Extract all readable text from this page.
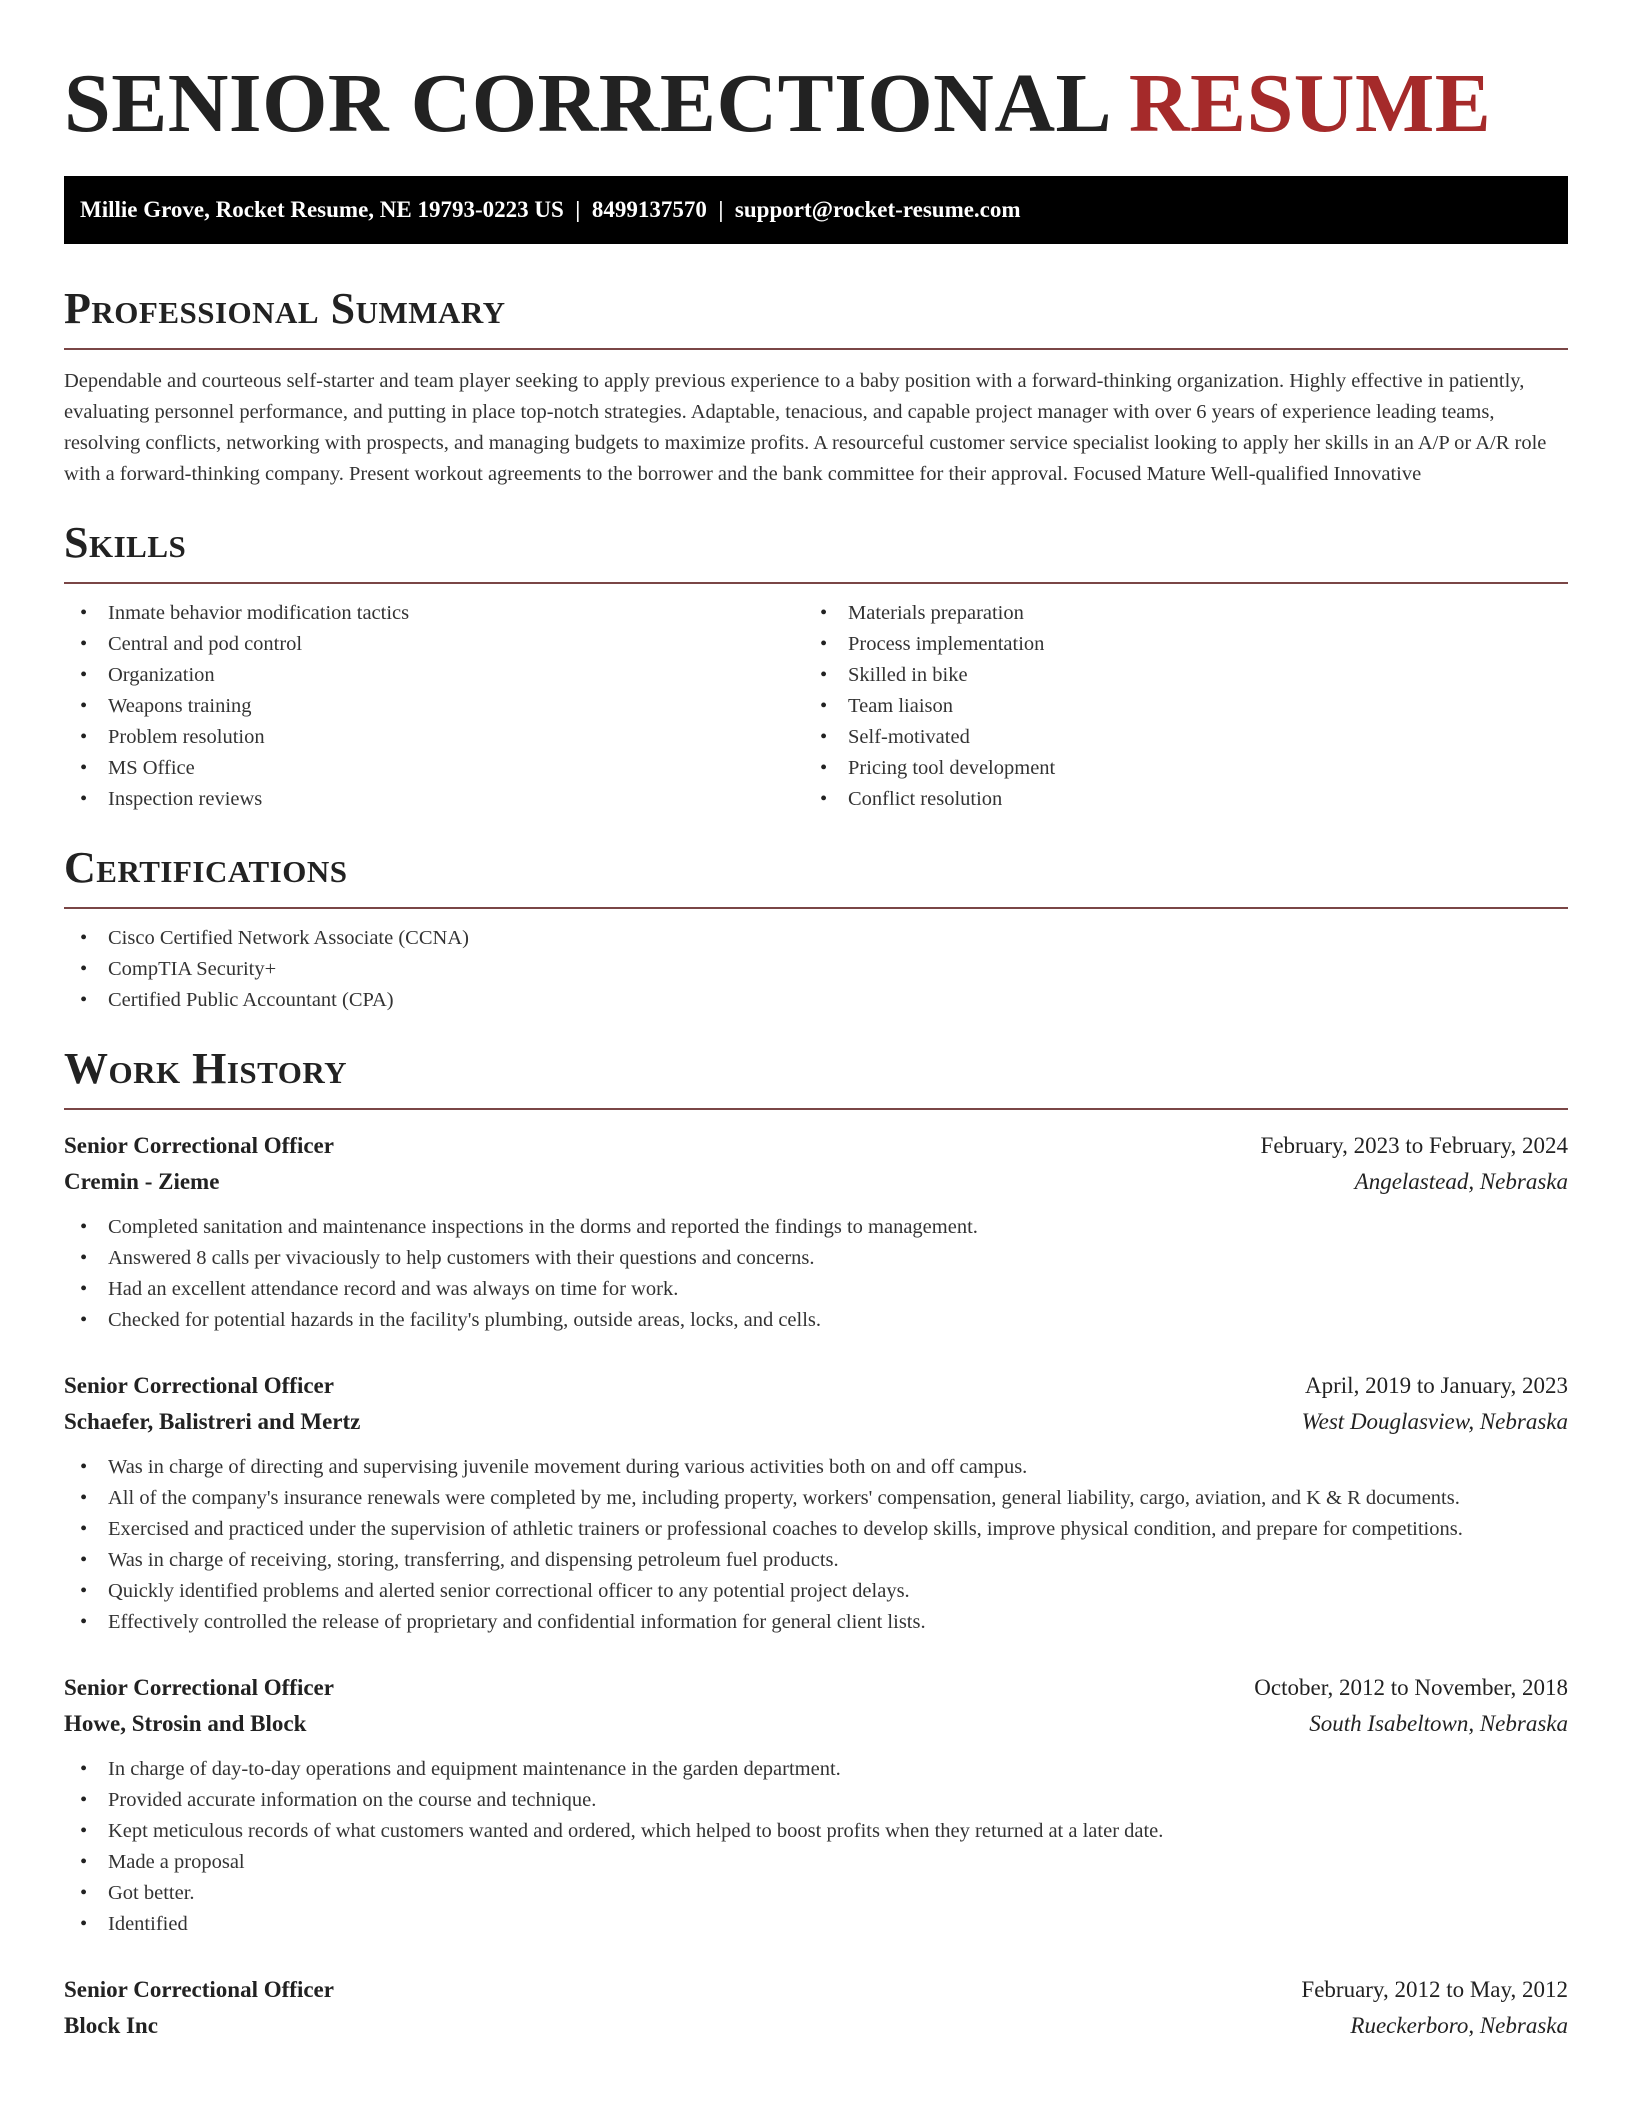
SENIOR CORRECTIONAL RESUME
Millie Grove, Rocket Resume, NE 19793-0223 US  |  8499137570  |  support@rocket-resume.com
Professional Summary

Dependable and courteous self-starter and team player seeking to apply previous experience to a baby position with a forward-thinking organization. Highly effective in patiently, evaluating personnel performance, and putting in place top-notch strategies. Adaptable, tenacious, and capable project manager with over 6 years of experience leading teams, resolving conflicts, networking with prospects, and managing budgets to maximize profits. A resourceful customer service specialist looking to apply her skills in an A/P or A/R role with a forward-thinking company. Present workout agreements to the borrower and the bank committee for their approval. Focused Mature Well-qualified Innovative

Skills
• Inmate behavior modification tactics
• Central and pod control
• Organization
• Weapons training
• Problem resolution
• MS Office
• Inspection reviews
• Materials preparation
• Process implementation
• Skilled in bike
• Team liaison
• Self-motivated
• Pricing tool development
• Conflict resolution
Certifications
• Cisco Certified Network Associate (CCNA)
• CompTIA Security+
• Certified Public Accountant (CPA)
Work History
Senior Correctional Officer	February, 2023 to February, 2024
Cremin - Zieme	Angelastead, Nebraska
• Completed sanitation and maintenance inspections in the dorms and reported the findings to management.
• Answered 8 calls per vivaciously to help customers with their questions and concerns.
• Had an excellent attendance record and was always on time for work.
• Checked for potential hazards in the facility's plumbing, outside areas, locks, and cells.
Senior Correctional Officer	April, 2019 to January, 2023
Schaefer, Balistreri and Mertz	West Douglasview, Nebraska
• Was in charge of directing and supervising juvenile movement during various activities both on and off campus.
• All of the company's insurance renewals were completed by me, including property, workers' compensation, general liability, cargo, aviation, and K & R documents.
• Exercised and practiced under the supervision of athletic trainers or professional coaches to develop skills, improve physical condition, and prepare for competitions.
• Was in charge of receiving, storing, transferring, and dispensing petroleum fuel products.
• Quickly identified problems and alerted senior correctional officer to any potential project delays.
• Effectively controlled the release of proprietary and confidential information for general client lists.
Senior Correctional Officer	October, 2012 to November, 2018
Howe, Strosin and Block	South Isabeltown, Nebraska
• In charge of day-to-day operations and equipment maintenance in the garden department.
• Provided accurate information on the course and technique.
• Kept meticulous records of what customers wanted and ordered, which helped to boost profits when they returned at a later date.
• Made a proposal
• Got better.
• Identified
Senior Correctional Officer	February, 2012 to May, 2012
Block Inc	Rueckerboro, Nebraska
